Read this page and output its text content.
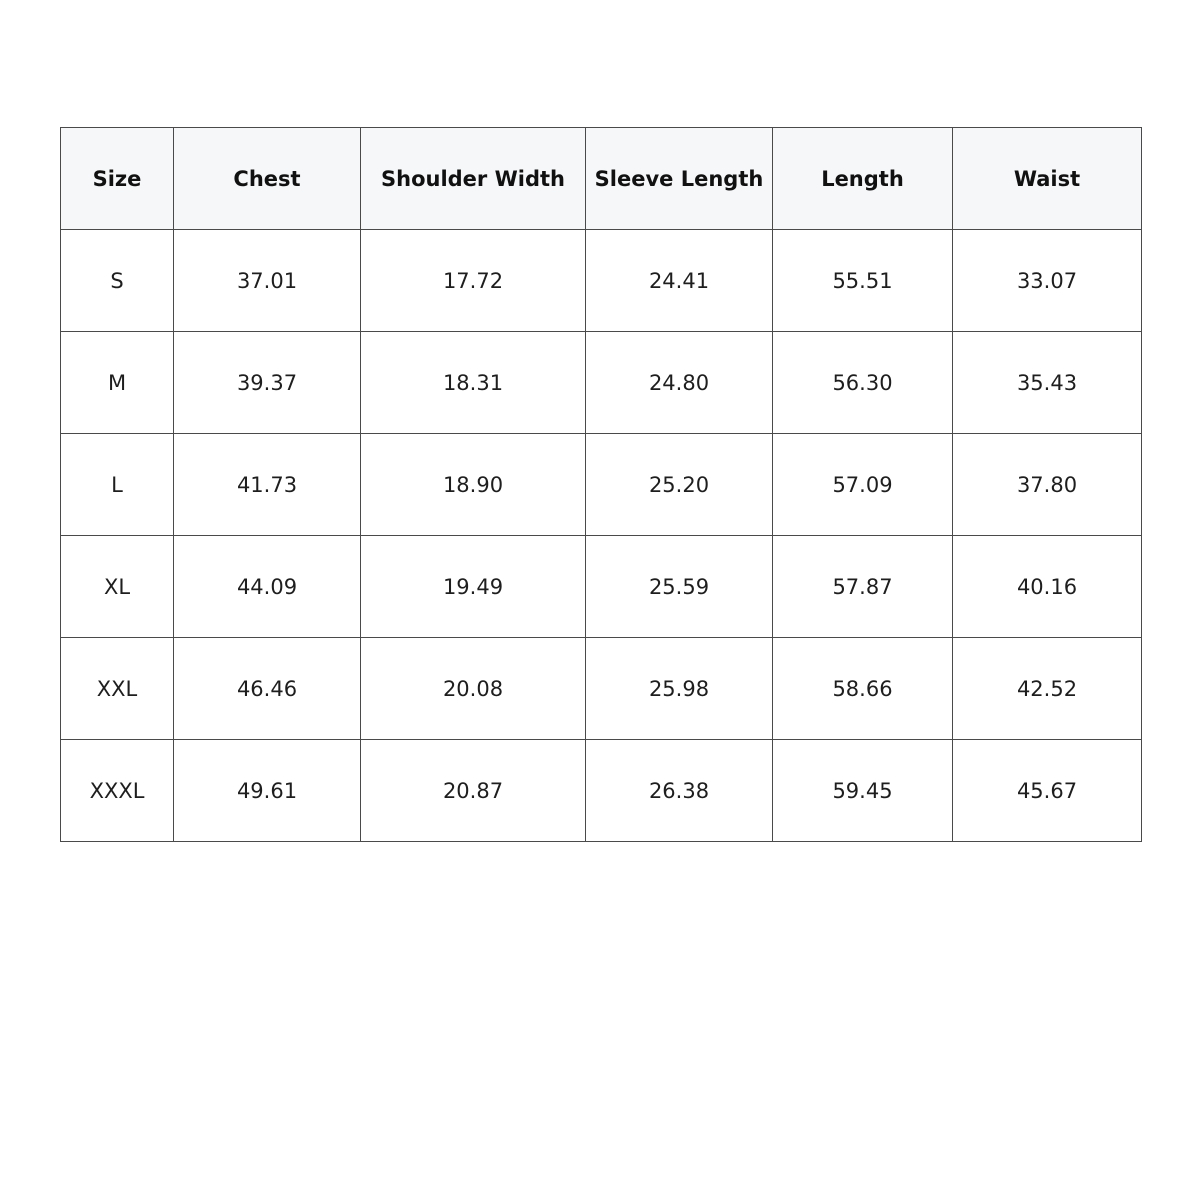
Size	Chest	Shoulder Width	Sleeve Length	Length	Waist
S	37.01	17.72	24.41	55.51	33.07
M	39.37	18.31	24.80	56.30	35.43
L	41.73	18.90	25.20	57.09	37.80
XL	44.09	19.49	25.59	57.87	40.16
XXL	46.46	20.08	25.98	58.66	42.52
XXXL	49.61	20.87	26.38	59.45	45.67
